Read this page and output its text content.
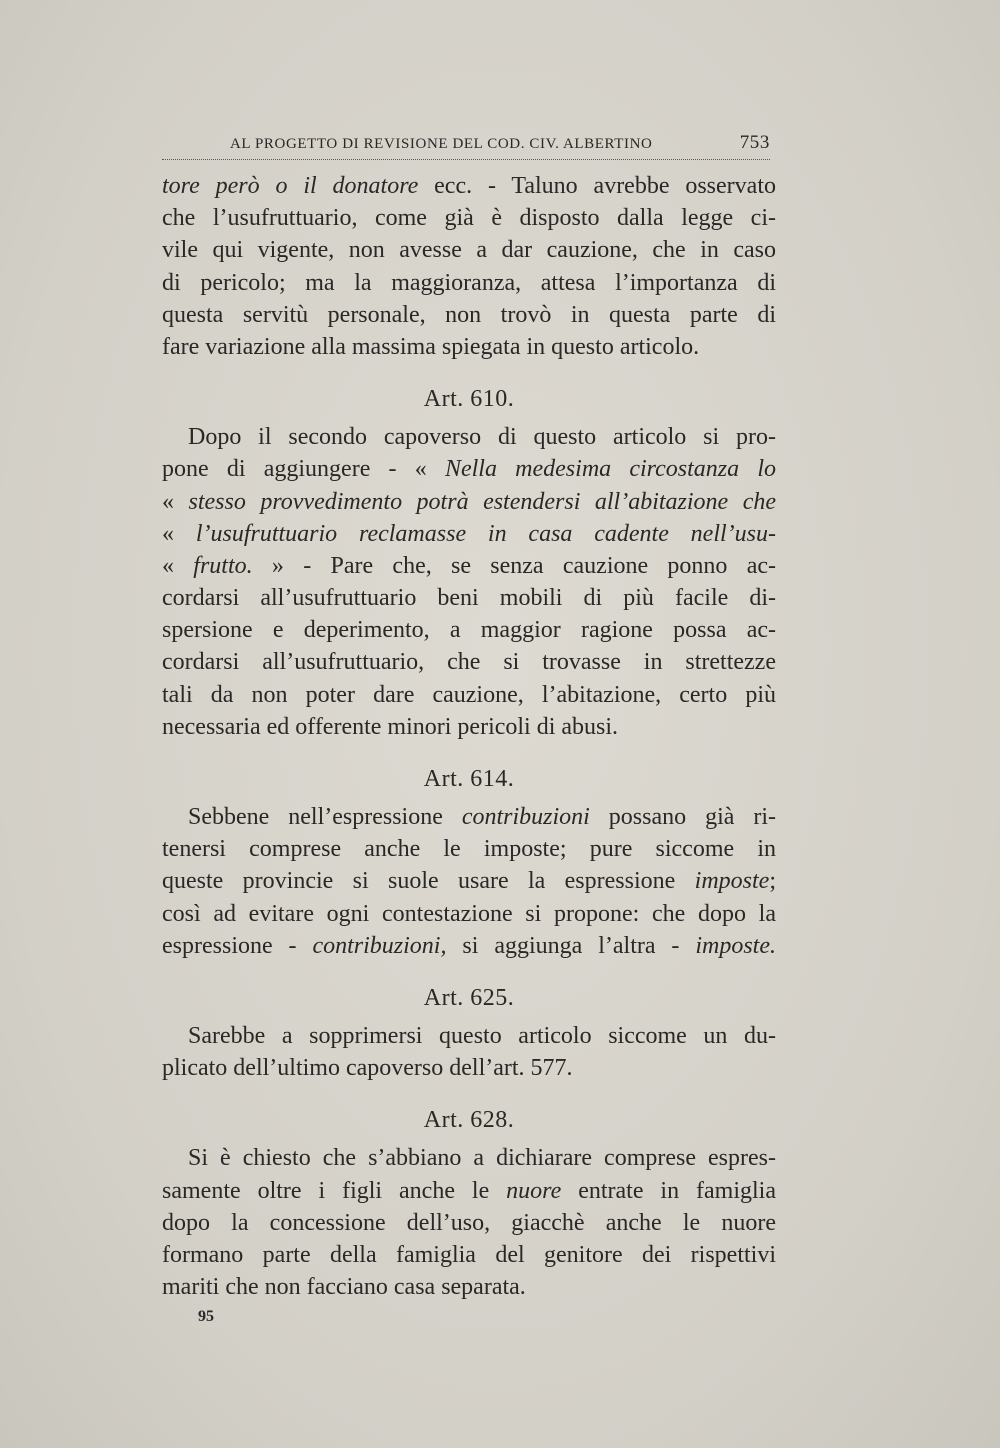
AL PROGETTO DI REVISIONE DEL COD. CIV. ALBERTINO	753
tore però o il donatore ecc. - Taluno avrebbe osservato
che l’usufruttuario, come già è disposto dalla legge ci-
vile qui vigente, non avesse a dar cauzione, che in caso
di pericolo; ma la maggioranza, attesa l’importanza di
questa servitù personale, non trovò in questa parte di
fare variazione alla massima spiegata in questo articolo.
Art. 610.
Dopo il secondo capoverso di questo articolo si pro-
pone di aggiungere - « Nella medesima circostanza lo
« stesso provvedimento potrà estendersi all’abitazione che
« l’usufruttuario reclamasse in casa cadente nell’usu-
« frutto. » - Pare che, se senza cauzione ponno ac-
cordarsi all’usufruttuario beni mobili di più facile di-
spersione e deperimento, a maggior ragione possa ac-
cordarsi all’usufruttuario, che si trovasse in strettezze
tali da non poter dare cauzione, l’abitazione, certo più
necessaria ed offerente minori pericoli di abusi.
Art. 614.
Sebbene nell’espressione contribuzioni possano già ri-
tenersi comprese anche le imposte; pure siccome in
queste provincie si suole usare la espressione imposte;
così ad evitare ogni contestazione si propone: che dopo la
espressione - contribuzioni, si aggiunga l’altra - imposte.
Art. 625.
Sarebbe a sopprimersi questo articolo siccome un du-
plicato dell’ultimo capoverso dell’art. 577.
Art. 628.
Si è chiesto che s’abbiano a dichiarare comprese espres-
samente oltre i figli anche le nuore entrate in famiglia
dopo la concessione dell’uso, giacchè anche le nuore
formano parte della famiglia del genitore dei rispettivi
mariti che non facciano casa separata.
95
